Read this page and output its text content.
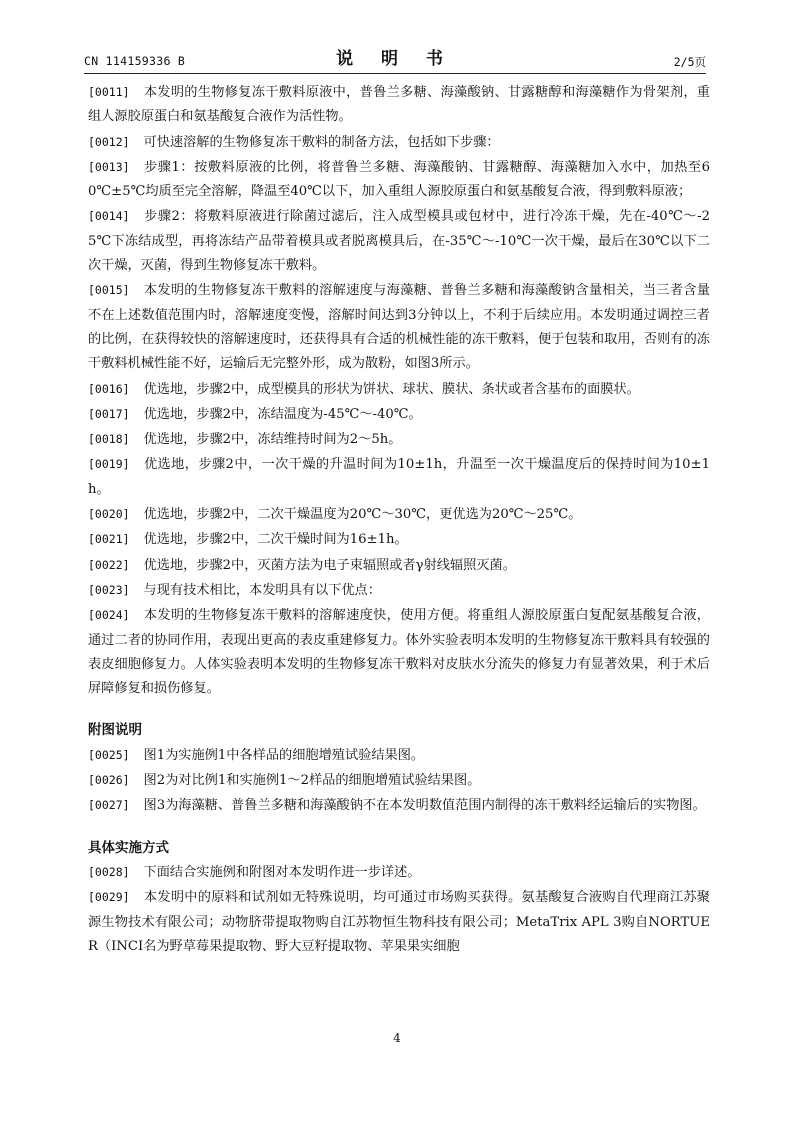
CN 114159336 B	说 明 书	2/5页

[0011] 本发明的生物修复冻干敷料原液中，普鲁兰多糖、海藻酸钠、甘露糖醇和海藻糖作为骨架剂，重组人源胶原蛋白和氨基酸复合液作为活性物。

[0012] 可快速溶解的生物修复冻干敷料的制备方法，包括如下步骤：

[0013] 步骤1：按敷料原液的比例，将普鲁兰多糖、海藻酸钠、甘露糖醇、海藻糖加入水中，加热至60℃±5℃均质至完全溶解，降温至40℃以下，加入重组人源胶原蛋白和氨基酸复合液，得到敷料原液；

[0014] 步骤2：将敷料原液进行除菌过滤后，注入成型模具或包材中，进行冷冻干燥，先在-40℃～-25℃下冻结成型，再将冻结产品带着模具或者脱离模具后，在-35℃～-10℃一次干燥，最后在30℃以下二次干燥，灭菌，得到生物修复冻干敷料。

[0015] 本发明的生物修复冻干敷料的溶解速度与海藻糖、普鲁兰多糖和海藻酸钠含量相关，当三者含量不在上述数值范围内时，溶解速度变慢，溶解时间达到3分钟以上，不利于后续应用。本发明通过调控三者的比例，在获得较快的溶解速度时，还获得具有合适的机械性能的冻干敷料，便于包装和取用，否则有的冻干敷料机械性能不好，运输后无完整外形，成为散粉，如图3所示。

[0016] 优选地，步骤2中，成型模具的形状为饼状、球状、膜状、条状或者含基布的面膜状。

[0017] 优选地，步骤2中，冻结温度为-45℃～-40℃。

[0018] 优选地，步骤2中，冻结维持时间为2～5h。

[0019] 优选地，步骤2中，一次干燥的升温时间为10±1h，升温至一次干燥温度后的保持时间为10±1h。

[0020] 优选地，步骤2中，二次干燥温度为20℃～30℃，更优选为20℃～25℃。

[0021] 优选地，步骤2中，二次干燥时间为16±1h。

[0022] 优选地，步骤2中，灭菌方法为电子束辐照或者γ射线辐照灭菌。

[0023] 与现有技术相比，本发明具有以下优点：

[0024] 本发明的生物修复冻干敷料的溶解速度快，使用方便。将重组人源胶原蛋白复配氨基酸复合液，通过二者的协同作用，表现出更高的表皮重建修复力。体外实验表明本发明的生物修复冻干敷料具有较强的表皮细胞修复力。人体实验表明本发明的生物修复冻干敷料对皮肤水分流失的修复力有显著效果，利于术后屏障修复和损伤修复。

附图说明

[0025] 图1为实施例1中各样品的细胞增殖试验结果图。

[0026] 图2为对比例1和实施例1～2样品的细胞增殖试验结果图。

[0027] 图3为海藻糖、普鲁兰多糖和海藻酸钠不在本发明数值范围内制得的冻干敷料经运输后的实物图。

具体实施方式

[0028] 下面结合实施例和附图对本发明作进一步详述。

[0029] 本发明中的原料和试剂如无特殊说明，均可通过市场购买获得。氨基酸复合液购自代理商江苏聚源生物技术有限公司；动物脐带提取物购自江苏物恒生物科技有限公司；MetaTrix APL 3购自NORTUER（INCI名为野草莓果提取物、野大豆籽提取物、苹果果实细胞

4
